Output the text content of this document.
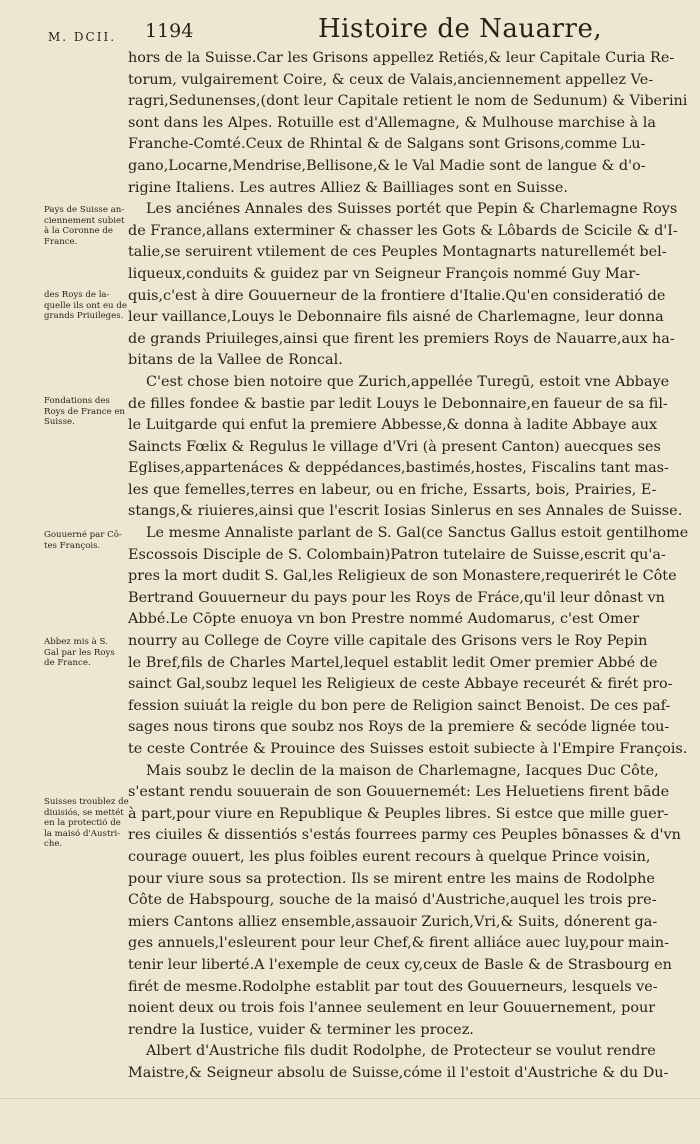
M. DCII. 1194	Histoire de Nauarre,
Pays de Suisse an-
ciennement subiet
à la Coronne de
France.
des Roys de la-
quelle ils ont eu de
grands Priuileges.
Fondations des
Roys de France en
Suisse.
Gouuerné par Cō-
tes François.
Abbez mis à S.
Gal par les Roys
de France.
Suisses troublez de
diuisiós, se mettét
en la protectió de
la maisó d'Austri-
che.
hors de la Suisse.Car les Grisons appellez Retiés,& leur Capitale Curia Re-
torum, vulgairement Coire, & ceux de Valais,anciennement appellez Ve-
ragri,Sedunenses,(dont leur Capitale retient le nom de Sedunum) & Viberini
sont dans les Alpes. Rotuille est d'Allemagne, & Mulhouse marchise à la
Franche-Comté.Ceux de Rhintal & de Salgans sont Grisons,comme Lu-
gano,Locarne,Mendrise,Bellisone,& le Val Madie sont de langue & d'o-
rigine Italiens. Les autres Alliez & Bailliages sont en Suisse.
Les anciénes Annales des Suisses portét que Pepin & Charlemagne Roys
de France,allans exterminer & chasser les Gots & Lôbards de Scicile & d'I-
talie,se seruirent vtilement de ces Peuples Montagnarts naturellemét bel-
liqueux,conduits & guidez par vn Seigneur François nommé Guy Mar-
quis,c'est à dire Gouuerneur de la frontiere d'Italie.Qu'en consideratió de
leur vaillance,Louys le Debonnaire fils aisné de Charlemagne, leur donna
de grands Priuileges,ainsi que firent les premiers Roys de Nauarre,aux ha-
bitans de la Vallee de Roncal.
C'est chose bien notoire que Zurich,appellée Turegū, estoit vne Abbaye
de filles fondee & bastie par ledit Louys le Debonnaire,en faueur de sa fil-
le Luitgarde qui enfut la premiere Abbesse,& donna à ladite Abbaye aux
Saincts Fœlix & Regulus le village d'Vri (à present Canton) auecques ses
Eglises,appartenáces & deppédances,bastimés,hostes, Fiscalins tant mas-
les que femelles,terres en labeur, ou en friche, Essarts, bois, Prairies, E-
stangs,& riuieres,ainsi que l'escrit Iosias Sinlerus en ses Annales de Suisse.
Le mesme Annaliste parlant de S. Gal(ce Sanctus Gallus estoit gentilhome
Escossois Disciple de S. Colombain)Patron tutelaire de Suisse,escrit qu'a-
pres la mort dudit S. Gal,les Religieux de son Monastere,requerirét le Côte
Bertrand Gouuerneur du pays pour les Roys de Fráce,qu'il leur dônast vn
Abbé.Le Cōpte enuoya vn bon Prestre nommé Audomarus, c'est Omer
nourry au College de Coyre ville capitale des Grisons vers le Roy Pepin
le Bref,fils de Charles Martel,lequel establit ledit Omer premier Abbé de
sainct Gal,soubz lequel les Religieux de ceste Abbaye receurét & firét pro-
fession suiuát la reigle du bon pere de Religion sainct Benoist. De ces paf-
sages nous tirons que soubz nos Roys de la premiere & secóde lignée tou-
te ceste Contrée & Prouince des Suisses estoit subiecte à l'Empire François.
Mais soubz le declin de la maison de Charlemagne, Iacques Duc Côte,
s'estant rendu souuerain de son Gouuernemét: Les Heluetiens firent bāde
à part,pour viure en Republique & Peuples libres. Si estce que mille guer-
res ciuiles & dissentiós s'estás fourrees parmy ces Peuples bōnasses & d'vn
courage ouuert, les plus foibles eurent recours à quelque Prince voisin,
pour viure sous sa protection. Ils se mirent entre les mains de Rodolphe
Côte de Habspourg, souche de la maisó d'Austriche,auquel les trois pre-
miers Cantons alliez ensemble,assauoir Zurich,Vri,& Suits, dónerent ga-
ges annuels,l'esleurent pour leur Chef,& firent alliáce auec luy,pour main-
tenir leur liberté.A l'exemple de ceux cy,ceux de Basle & de Strasbourg en
firét de mesme.Rodolphe establit par tout des Gouuerneurs, lesquels ve-
noient deux ou trois fois l'annee seulement en leur Gouuernement, pour
rendre la Iustice, vuider & terminer les procez.
Albert d'Austriche fils dudit Rodolphe, de Protecteur se voulut rendre
Maistre,& Seigneur absolu de Suisse,cóme il l'estoit d'Austriche & du Du-
